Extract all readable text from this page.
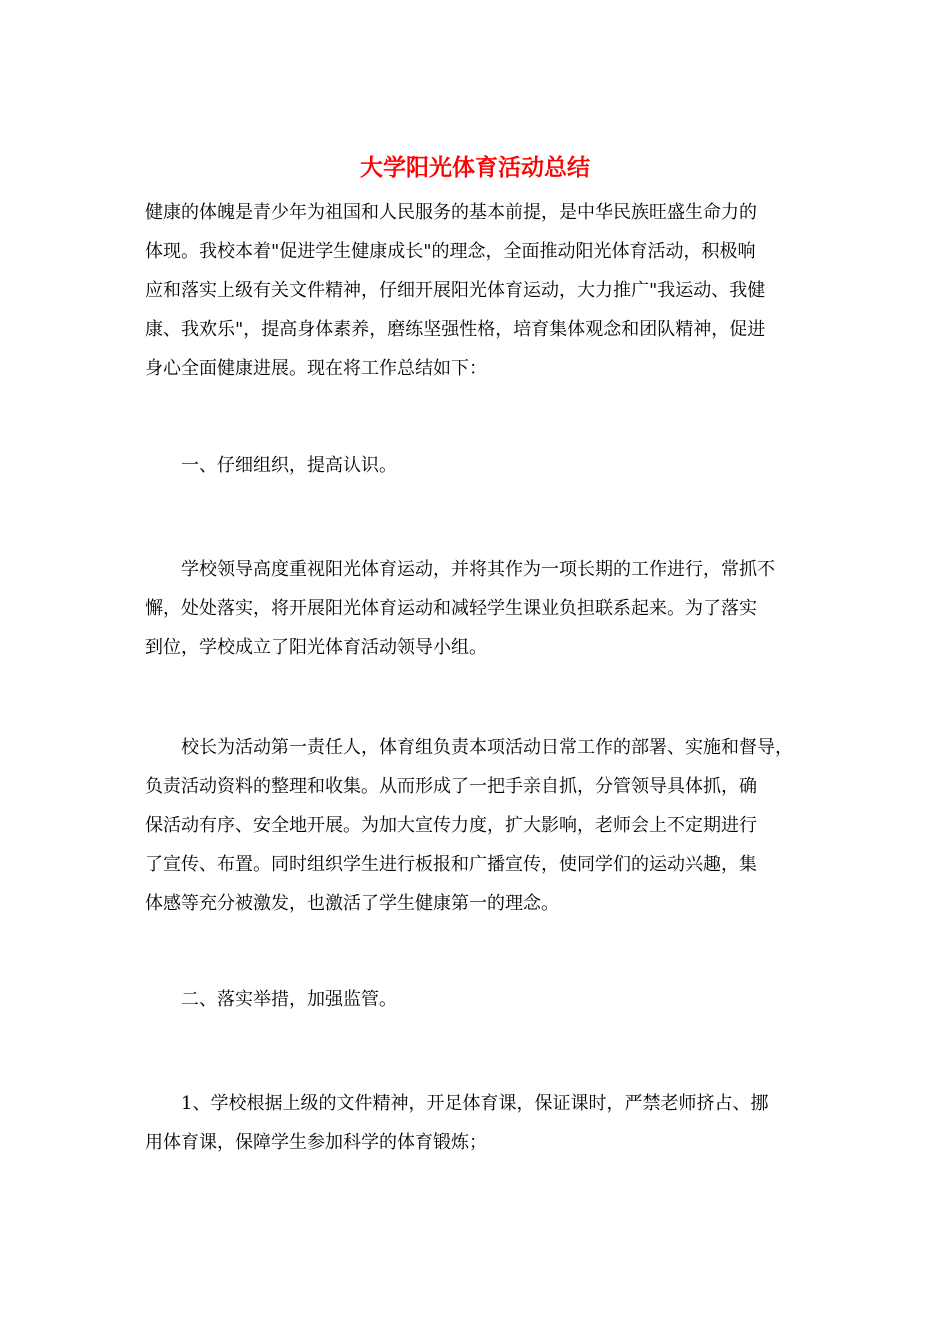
大学阳光体育活动总结

健康的体魄是青少年为祖国和人民服务的基本前提，是中华民族旺盛生命力的
体现。我校本着"促进学生健康成长"的理念，全面推动阳光体育活动，积极响
应和落实上级有关文件精神，仔细开展阳光体育运动，大力推广"我运动、我健
康、我欢乐"，提高身体素养，磨练坚强性格，培育集体观念和团队精神，促进
身心全面健康进展。现在将工作总结如下：

　　一、仔细组织，提高认识。

　　学校领导高度重视阳光体育运动，并将其作为一项长期的工作进行，常抓不
懈，处处落实，将开展阳光体育运动和减轻学生课业负担联系起来。为了落实
到位，学校成立了阳光体育活动领导小组。

　　校长为活动第一责任人，体育组负责本项活动日常工作的部署、实施和督导，
负责活动资料的整理和收集。从而形成了一把手亲自抓，分管领导具体抓，确
保活动有序、安全地开展。为加大宣传力度，扩大影响，老师会上不定期进行
了宣传、布置。同时组织学生进行板报和广播宣传，使同学们的运动兴趣，集
体感等充分被激发，也激活了学生健康第一的理念。

　　二、落实举措，加强监管。

　　1、学校根据上级的文件精神，开足体育课，保证课时，严禁老师挤占、挪
用体育课，保障学生参加科学的体育锻炼；
